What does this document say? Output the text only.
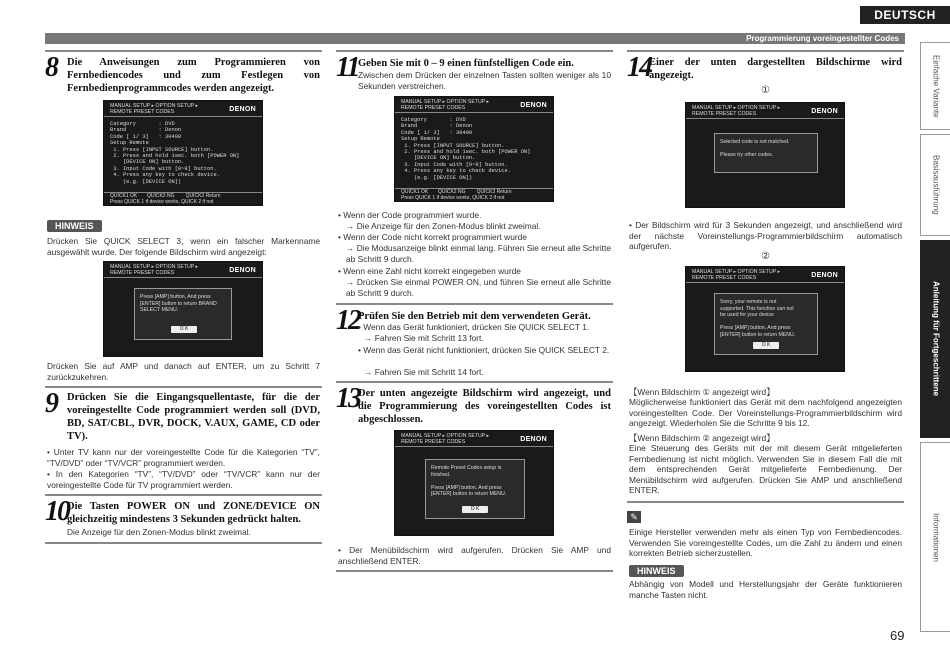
DEUTSCH
Programmierung voreingestellter Codes
Einfache Variante
Basisausführung
Anleitung für Fortgeschrittene
Informationen
8 Die Anweisungen zum Programmieren von Fernbediencodes und zum Festlegen von Fernbedienprogrammcodes werden angezeigt.
MANUAL SETUP ▸ OPTION SETUP ▸
REMOTE PRESET CODES	DENON
Category       : DVD
Brand          : Denon
Code [ 1/ 3]   : 30490
Setup Remote
1. Press [INPUT SOURCE] button.
2. Press and hold 1sec. both [POWER ON]
[DEVICE ON] button.
3. Input Code with [0~9] button.
4. Press any key to check device.
(e.g. [DEVICE ON])
QUICK1 OK       QUICK2 NG        QUICK3 Return
Press QUICK 1 if device works, QUICK 2 if not
HINWEIS
Drücken Sie QUICK SELECT 3, wenn ein falscher Markenname ausgewählt wurde. Der folgende Bildschirm wird angezeigt:
MANUAL SETUP ▸ OPTION SETUP ▸
REMOTE PRESET CODES	DENON
Press [AMP] button, And press
[ENTER] button to return BRAND
SELECT MENU.
O K
Drücken Sie auf AMP und danach auf ENTER, um zu Schritt 7 zurückzukehren.
9 Drücken Sie die Eingangsquellentaste, für die der voreingestellte Code programmiert werden soll (DVD, BD, SAT/CBL, DVR, DOCK, V.AUX, GAME, CD oder TV).
• Unter TV kann nur der voreingestellte Code für die Kategorien “TV”, “TV/DVD” oder “TV/VCR” programmiert werden.
• In den Kategorien “TV”, “TV/DVD” oder “TV/VCR” kann nur der voreingestellte Code für TV programmiert werden.
10
Die Tasten POWER ON und ZONE/DEVICE ON gleichzeitig mindestens 3 Sekunden gedrückt halten.
Die Anzeige für den Zonen-Modus blinkt zweimal.
11 Geben Sie mit 0 – 9 einen fünfstelligen Code ein.
Zwischen dem Drücken der einzelnen Tasten sollten weniger als 10 Sekunden verstreichen.
MANUAL SETUP ▸ OPTION SETUP ▸
REMOTE PRESET CODES	DENON
Category       : DVD
Brand          : Denon
Code [ 1/ 3]   : 30490
Setup Remote
1. Press [INPUT SOURCE] button.
2. Press and hold 1sec. both [POWER ON]
[DEVICE ON] button.
3. Input Code with [0~9] button.
4. Press any key to check device.
(e.g. [DEVICE ON])
QUICK1 OK       QUICK2 NG        QUICK3 Return
Press QUICK 1 if device works, QUICK 2 if not
• Wenn der Code programmiert wurde.
→ Die Anzeige für den Zonen-Modus blinkt zweimal.
• Wenn der Code nicht korrekt programmiert wurde
→ Die Modusanzeige blinkt einmal lang. Führen Sie erneut alle Schritte ab Schritt 9 durch.
• Wenn eine Zahl nicht korrekt eingegeben wurde
→ Drücken Sie einmal POWER ON, und führen Sie erneut alle Schritte ab Schritt 9 durch.
12
Prüfen Sie den Betrieb mit dem verwendeten Gerät.
• Wenn das Gerät funktioniert, drücken Sie QUICK SELECT 1.
→ Fahren Sie mit Schritt 13 fort.
• Wenn das Gerät nicht funktioniert, drücken Sie QUICK SELECT 2.
→ Fahren Sie mit Schritt 14 fort.
13
Der unten angezeigte Bildschirm wird angezeigt, und die Programmierung des voreingestellten Codes ist abgeschlossen.
MANUAL SETUP ▸ OPTION SETUP ▸
REMOTE PRESET CODES	DENON
Remote Preset Codes setup is
finished.

Press [AMP] button, And press
[ENTER] button to return MENU.
O K
• Der Menübildschirm wird aufgerufen. Drücken Sie AMP und anschließend ENTER.
14
Einer der unten dargestellten Bildschirme wird angezeigt.
①
MANUAL SETUP ▸ OPTION SETUP ▸
REMOTE PRESET CODES	DENON
Selected code is not matched.

Please try other codes.
• Der Bildschirm wird für 3 Sekunden angezeigt, und anschließend wird der nächste Voreinstellungs-Programmierbildschirm automatisch aufgerufen.
②
MANUAL SETUP ▸ OPTION SETUP ▸
REMOTE PRESET CODES	DENON
Sorry, your remote is not
supported. This function can not
be used for your device

Press [AMP] button, And press
[ENTER] button to return MENU.
O K
【Wenn Bildschirm ① angezeigt wird】
Möglicherweise funktioniert das Gerät mit dem nachfolgend angezeigten voreingestellten Code. Der Voreinstellungs-Programmierbildschirm wird angezeigt. Wiederholen Sie die Schritte 9 bis 12.
【Wenn Bildschirm ② angezeigt wird】
Eine Steuerung des Geräts mit der mit diesem Gerät mitgelieferten Fernbedienung ist nicht möglich. Verwenden Sie in diesem Fall die mit dem entsprechenden Gerät mitgelieferte Fernbedienung. Der Menübildschirm wird aufgerufen. Drücken Sie AMP und anschließend ENTER.
✎
Einige Hersteller verwenden mehr als einen Typ von Fernbediencodes. Verwenden Sie voreingestellte Codes, um die Zahl zu ändern und einen korrekten Betrieb sicherzustellen.
HINWEIS
Abhängig von Modell und Herstellungsjahr der Geräte funktionieren manche Tasten nicht.
69
